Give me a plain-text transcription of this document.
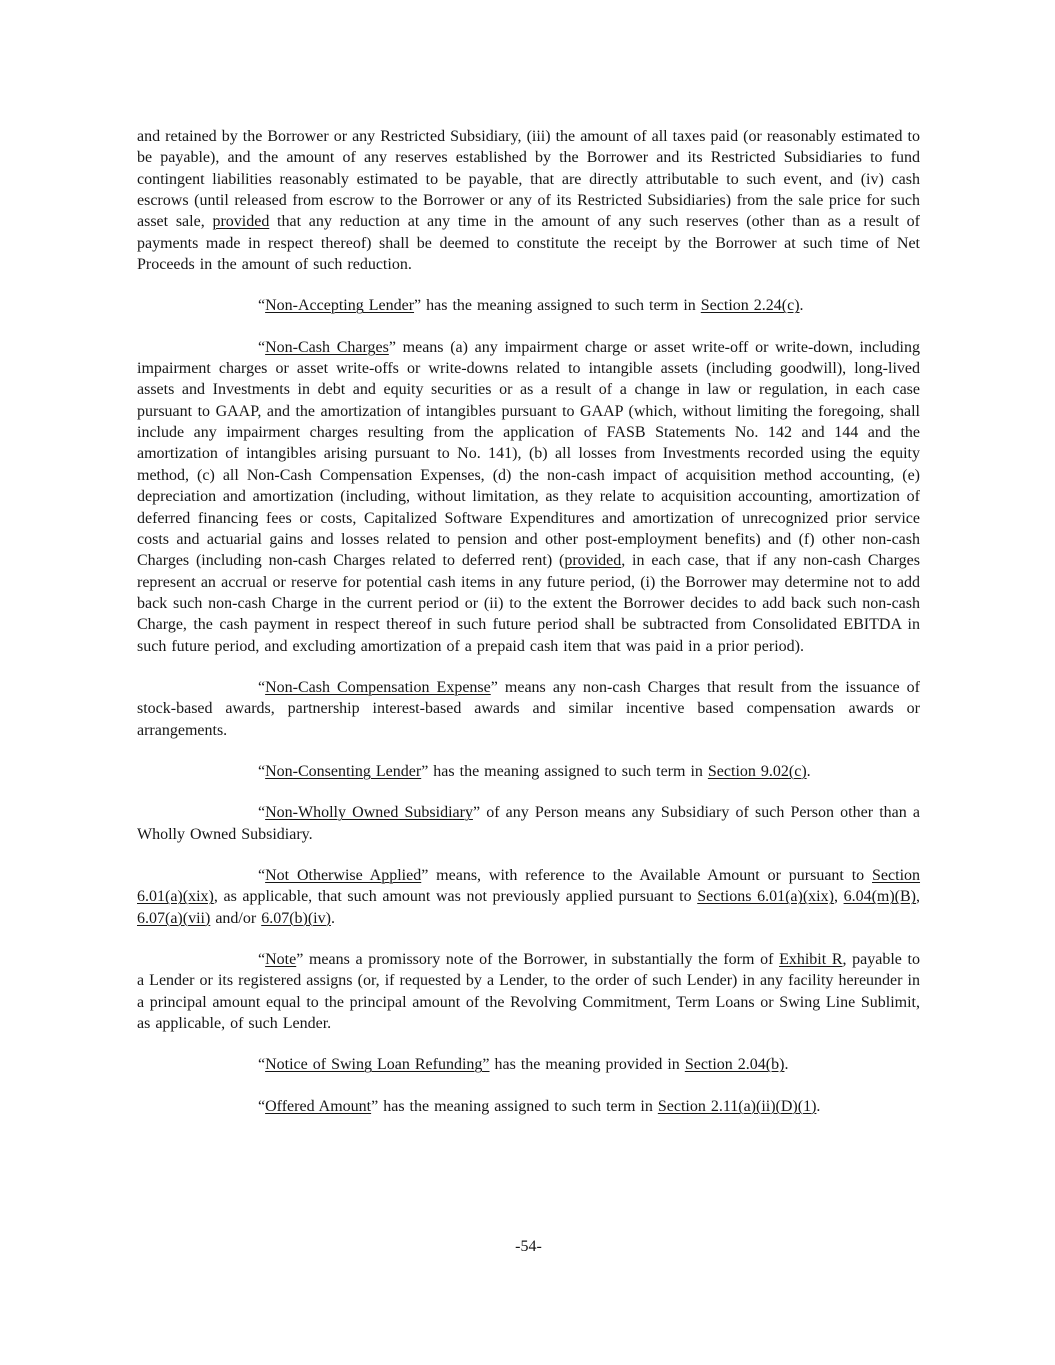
and retained by the Borrower or any Restricted Subsidiary, (iii) the amount of all taxes paid (or reasonably estimated to be payable), and the amount of any reserves established by the Borrower and its Restricted Subsidiaries to fund contingent liabilities reasonably estimated to be payable, that are directly attributable to such event, and (iv) cash escrows (until released from escrow to the Borrower or any of its Restricted Subsidiaries) from the sale price for such asset sale, provided that any reduction at any time in the amount of any such reserves (other than as a result of payments made in respect thereof) shall be deemed to constitute the receipt by the Borrower at such time of Net Proceeds in the amount of such reduction.

“Non-Accepting Lender” has the meaning assigned to such term in Section 2.24(c).

“Non-Cash Charges” means (a) any impairment charge or asset write-off or write-down, including impairment charges or asset write-offs or write-downs related to intangible assets (including goodwill), long-lived assets and Investments in debt and equity securities or as a result of a change in law or regulation, in each case pursuant to GAAP, and the amortization of intangibles pursuant to GAAP (which, without limiting the foregoing, shall include any impairment charges resulting from the application of FASB Statements No. 142 and 144 and the amortization of intangibles arising pursuant to No. 141), (b) all losses from Investments recorded using the equity method, (c) all Non-Cash Compensation Expenses, (d) the non-cash impact of acquisition method accounting, (e) depreciation and amortization (including, without limitation, as they relate to acquisition accounting, amortization of deferred financing fees or costs, Capitalized Software Expenditures and amortization of unrecognized prior service costs and actuarial gains and losses related to pension and other post-employment benefits) and (f) other non-cash Charges (including non-cash Charges related to deferred rent) (provided, in each case, that if any non-cash Charges represent an accrual or reserve for potential cash items in any future period, (i) the Borrower may determine not to add back such non-cash Charge in the current period or (ii) to the extent the Borrower decides to add back such non-cash Charge, the cash payment in respect thereof in such future period shall be subtracted from Consolidated EBITDA in such future period, and excluding amortization of a prepaid cash item that was paid in a prior period).

“Non-Cash Compensation Expense” means any non-cash Charges that result from the issuance of stock-based awards, partnership interest-based awards and similar incentive based compensation awards or arrangements.

“Non-Consenting Lender” has the meaning assigned to such term in Section 9.02(c).

“Non-Wholly Owned Subsidiary” of any Person means any Subsidiary of such Person other than a Wholly Owned Subsidiary.

“Not Otherwise Applied” means, with reference to the Available Amount or pursuant to Section 6.01(a)(xix), as applicable, that such amount was not previously applied pursuant to Sections 6.01(a)(xix), 6.04(m)(B), 6.07(a)(vii) and/or 6.07(b)(iv).

“Note” means a promissory note of the Borrower, in substantially the form of Exhibit R, payable to a Lender or its registered assigns (or, if requested by a Lender, to the order of such Lender) in any facility hereunder in a principal amount equal to the principal amount of the Revolving Commitment, Term Loans or Swing Line Sublimit, as applicable, of such Lender.

“Notice of Swing Loan Refunding” has the meaning provided in Section 2.04(b).

“Offered Amount” has the meaning assigned to such term in Section 2.11(a)(ii)(D)(1).

-54-
